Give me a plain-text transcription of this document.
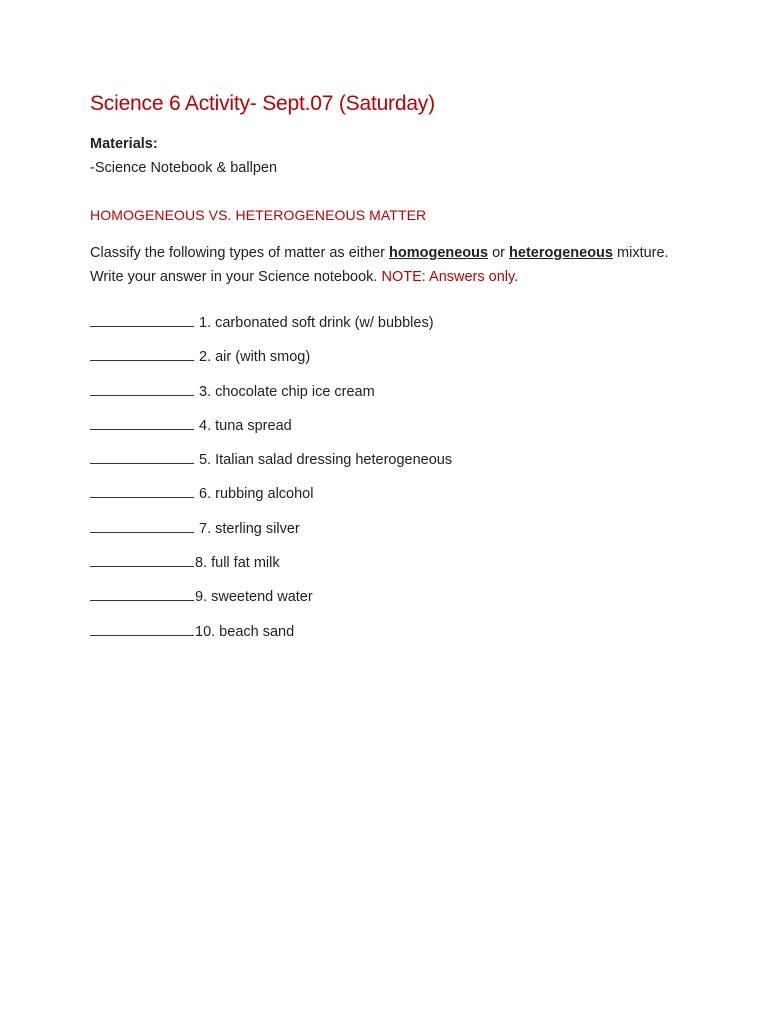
Science 6 Activity- Sept.07 (Saturday)
Materials:
-Science Notebook & ballpen
HOMOGENEOUS VS. HETEROGENEOUS MATTER
Classify the following types of matter as either homogeneous or heterogeneous mixture. Write your answer in your Science notebook. NOTE: Answers only.
1. carbonated soft drink (w/ bubbles)
2. air (with smog)
3. chocolate chip ice cream
4. tuna spread
5. Italian salad dressing heterogeneous
6. rubbing alcohol
7. sterling silver
8. full fat milk
9. sweetend water
10. beach sand
